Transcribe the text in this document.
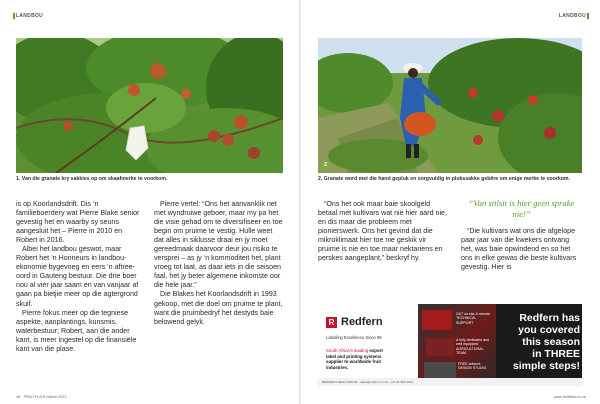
LANDBOU
1. Van die granate kry sakkies op om skaafmerke te voorkom.

is op Koorlandsdrift. Dis ‘n familieboerdery wat Pierre Blake senior gevestig het en waarby sy seuns aangesluit het – Pierre in 2010 en Robert in 2016.

Albei het landbou geswot, maar Robert het ‘n Honneurs in landbou-ekonomie bygevoeg en eers ‘n aftree-oord in Gauteng bestuur. Die drie boer nou al vier jaar saam en van vanjaar af gaan pa bietjie meer op die agtergrond skuif.

Pierre fokus meer op die tegniese aspekte, aanplantings, kunsmis, waterbestuur; Robert, aan die ander kant, is meer ingestel op die finansiële kant van die plase.

Pierre vertel: “Ons het aanvanklik net met wyndruiwe geboer, maar my pa het die visie gehad om te diversifiseer en toe begin om pruime te vestig. Hulle weet dat alles in siklusse draai en jy moet gereedmaak daarvoor deur jou risiko te versprei – as jy ‘n kommoditeit het, plant vroeg tot laat, as daar iets in die seisoen faal, het jy beter algemene inkomste oor die hele jaar.”

Die Blakes het Koorlandsdrift in 1993 gekoop, met die doel om pruime te plant, want die pruimbedryf het destyds baie belowend gelyk.

46 · FRUITFLIES March 2023
LANDBOU
2
2. Granate word met die hand gepluk en sorgvuldig in plukssakke gebêre om enige merke te voorkom.

“Ons het ook maar baie skoolgeld betaal met kultivars wat nie hier aard nie, en dis maar die probleem met pionierswerk. Ons het gevind dat die mikroklimaat hier toe nie geskik vir pruime is nie en toe maar nektariens en perskes aangeplant,” beskryf hy.

“Van stilsit is hier geen sprake nie!”

“Die kultivars wat ons die afgelope paar jaar van die kwekers ontvang het, was baie opwindend en so het ons in elke gewas die beste kultivars gevestig. Hier is

R Redfern
Labelling Excellence Since 99
South Africa’s leading export label and printing systems supplier to worldwide fruit industries.
24/7 on site & remote TECHNICAL SUPPORT
A fully dedicated and well equipped AGRICULTURAL TEAM
FREE artwork DESIGN STUDIO
Redfern has
you covered
this season
in THREE
simple steps!
REDFERN HEAD OFFICE · sales@redfern.co.za · +27 21 555 1234
www.fruitflies.co.za
